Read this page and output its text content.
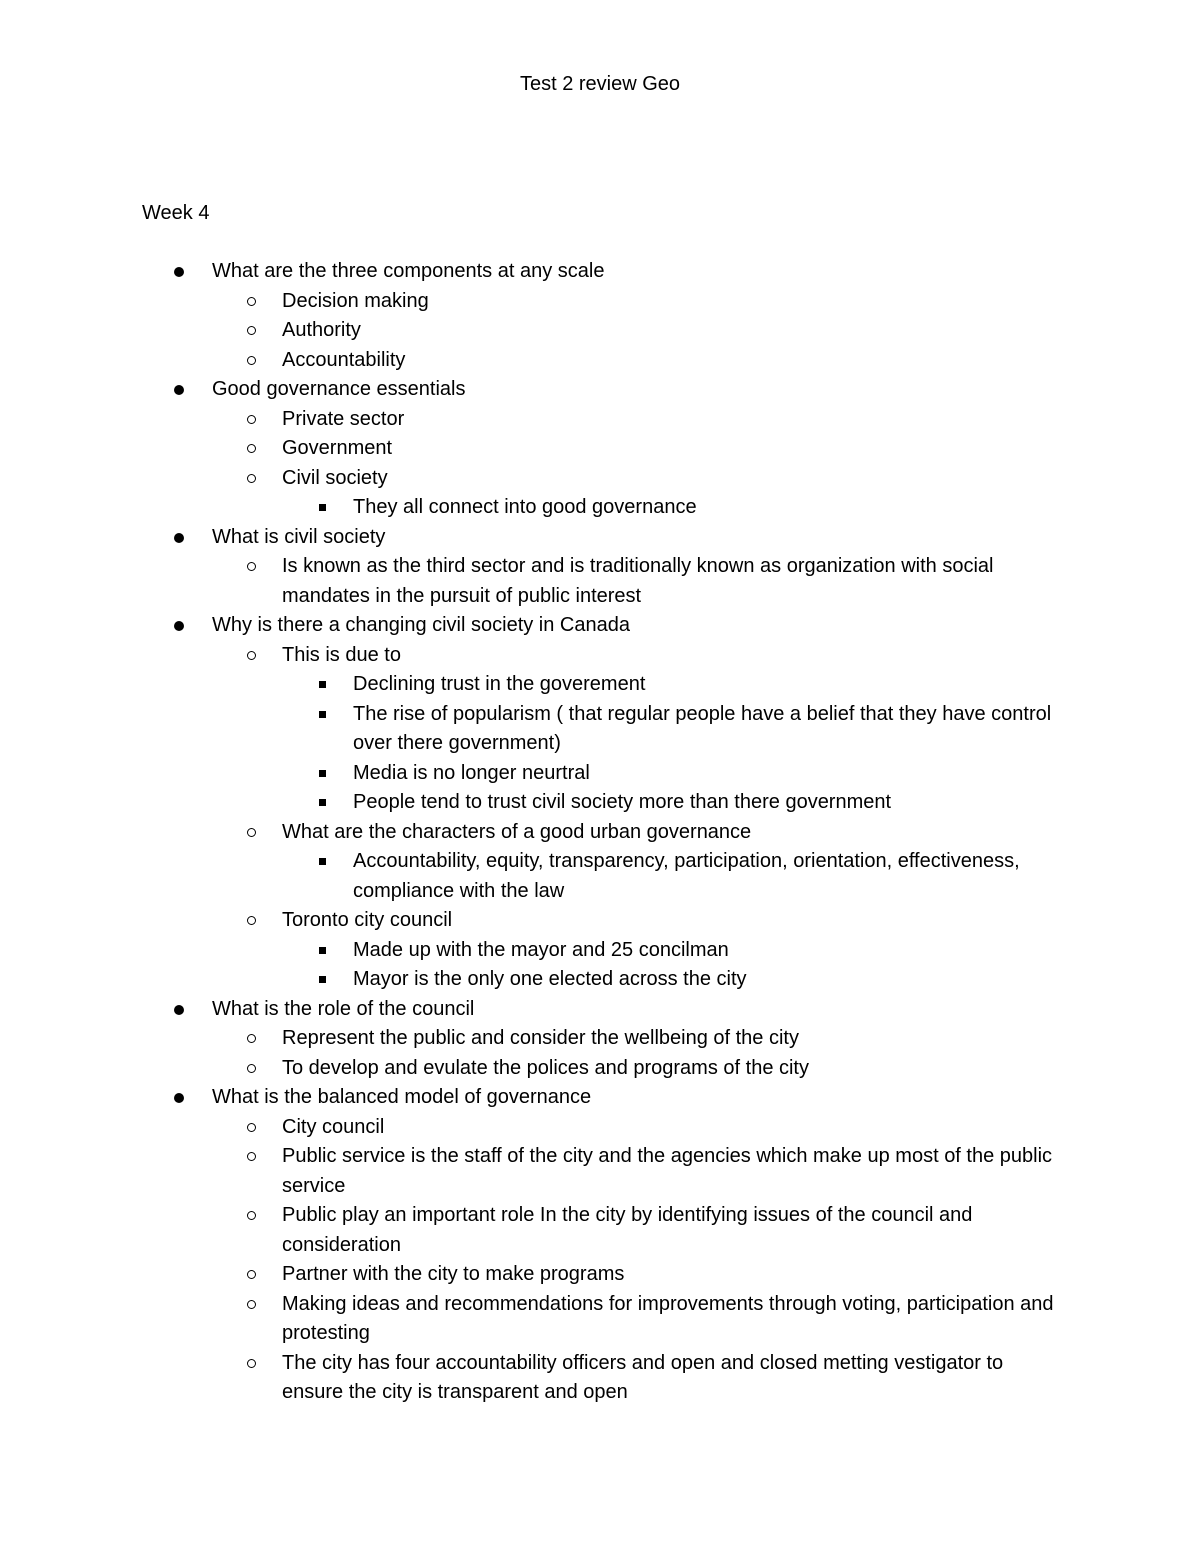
Test 2 review Geo
Week 4
What are the three components at any scale
Decision making
Authority
Accountability
Good governance essentials
Private sector
Government
Civil society
They all connect into good governance
What is civil society
Is known as the third sector and is traditionally known as organization with social mandates in the pursuit of public interest
Why is there a changing civil society in Canada
This is due to
Declining trust in the goverement
The rise of popularism ( that regular people have a belief that they have control over there government)
Media is no longer neurtral
People tend to trust civil society more than there government
What are the characters of a good urban governance
Accountability, equity, transparency, participation, orientation, effectiveness, compliance with the law
Toronto city council
Made up with the mayor and 25 concilman
Mayor is the only one elected across the city
What is the role of the council
Represent the public and consider the wellbeing of the city
To develop and evulate the polices and programs of the city
What is the balanced model of governance
City council
Public service is the staff of the city and the agencies which make up most of the public service
Public play an important role In the city by identifying issues of the council and consideration
Partner with the city to make programs
Making ideas and recommendations for improvements through voting, participation and protesting
The city has four accountability officers and open and closed metting vestigator to ensure the city is transparent and open
